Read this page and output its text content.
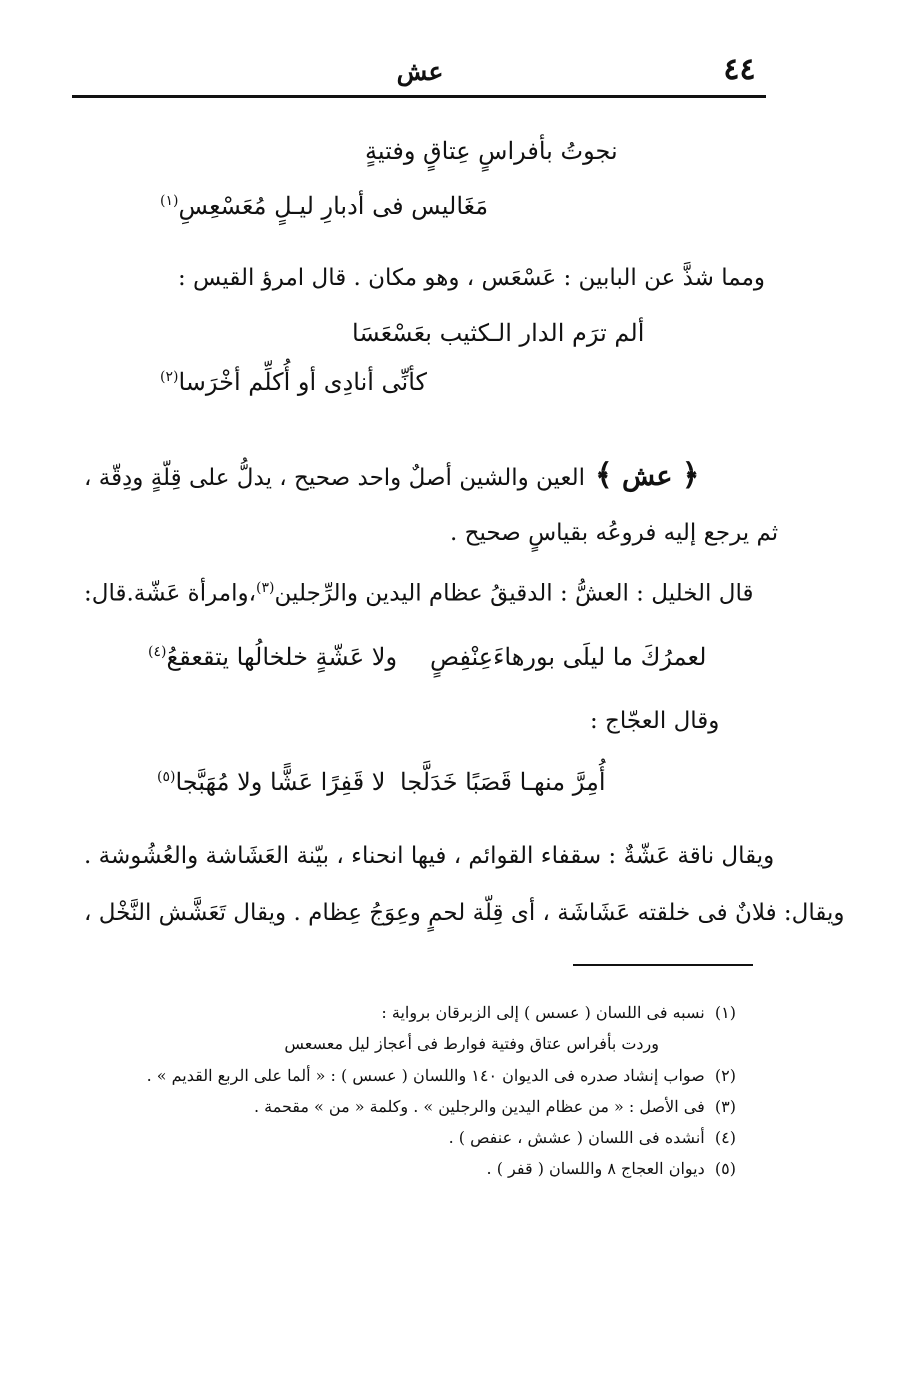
٤٤
عش
نجوتُ بأفراسٍ عِتاقٍ وفتيةٍ
مَغَاليس فى أدبارِ ليـلٍ مُعَسْعِسِ$^{(١)}$
ومما شذَّ عن البابين : عَسْعَس ، وهو مكان . قال امرؤ القيس :
ألم ترَم الدار الـكثيب بعَسْعَسَا
كأنِّى أنادِى أو أُكلِّم أخْرَسا$^{(٢)}$
﴿ عش ﴾العين والشين أصلٌ واحد صحيح ، يدلُّ على قِلّةٍ ودِقّة ،
ثم يرجع إليه فروعُه بقياسٍ صحيح .
قال الخليل : العشُّ : الدقيقُ عظام اليدين والرِّجلين$^{(٣)}$،وامرأة عَشّة.قال:
لعمرُكَ ما ليلَى بورهاءَعِنْفِصٍ
ولا عَشّةٍ خلخالُها يتقعقعُ$^{(٤)}$
وقال العجّاج :
أُمِرَّ منهـا قَصَبًا خَدَلَّجا
لا قَفِرًا عَشًّا ولا مُهَبَّجا$^{(٥)}$
ويقال ناقة عَشّةٌ : سقفاء القوائم ، فيها انحناء ، بيّنة العَشَاشة والعُشُوشة .
ويقال: فلانٌ فى خلقته عَشَاشَة ، أى قِلّة لحمٍ وعِوَجُ عِظام . ويقال تَعَشَّش النَّخْل ،
(١)  نسبه فى اللسان ( عسس ) إلى الزبرقان برواية :
وردت بأفراس عتاق وفتية فوارط فى أعجاز ليل معسعس
(٢)  صواب إنشاد صدره فى الديوان ١٤٠ واللسان ( عسس ) : « ألما على الربع القديم » .
(٣)  فى الأصل : « من عظام اليدين والرجلين » . وكلمة « من » مقحمة .
(٤)  أنشده فى اللسان ( عشش ، عنفص ) .
(٥)  ديوان العجاج ٨ واللسان ( قفر ) .
